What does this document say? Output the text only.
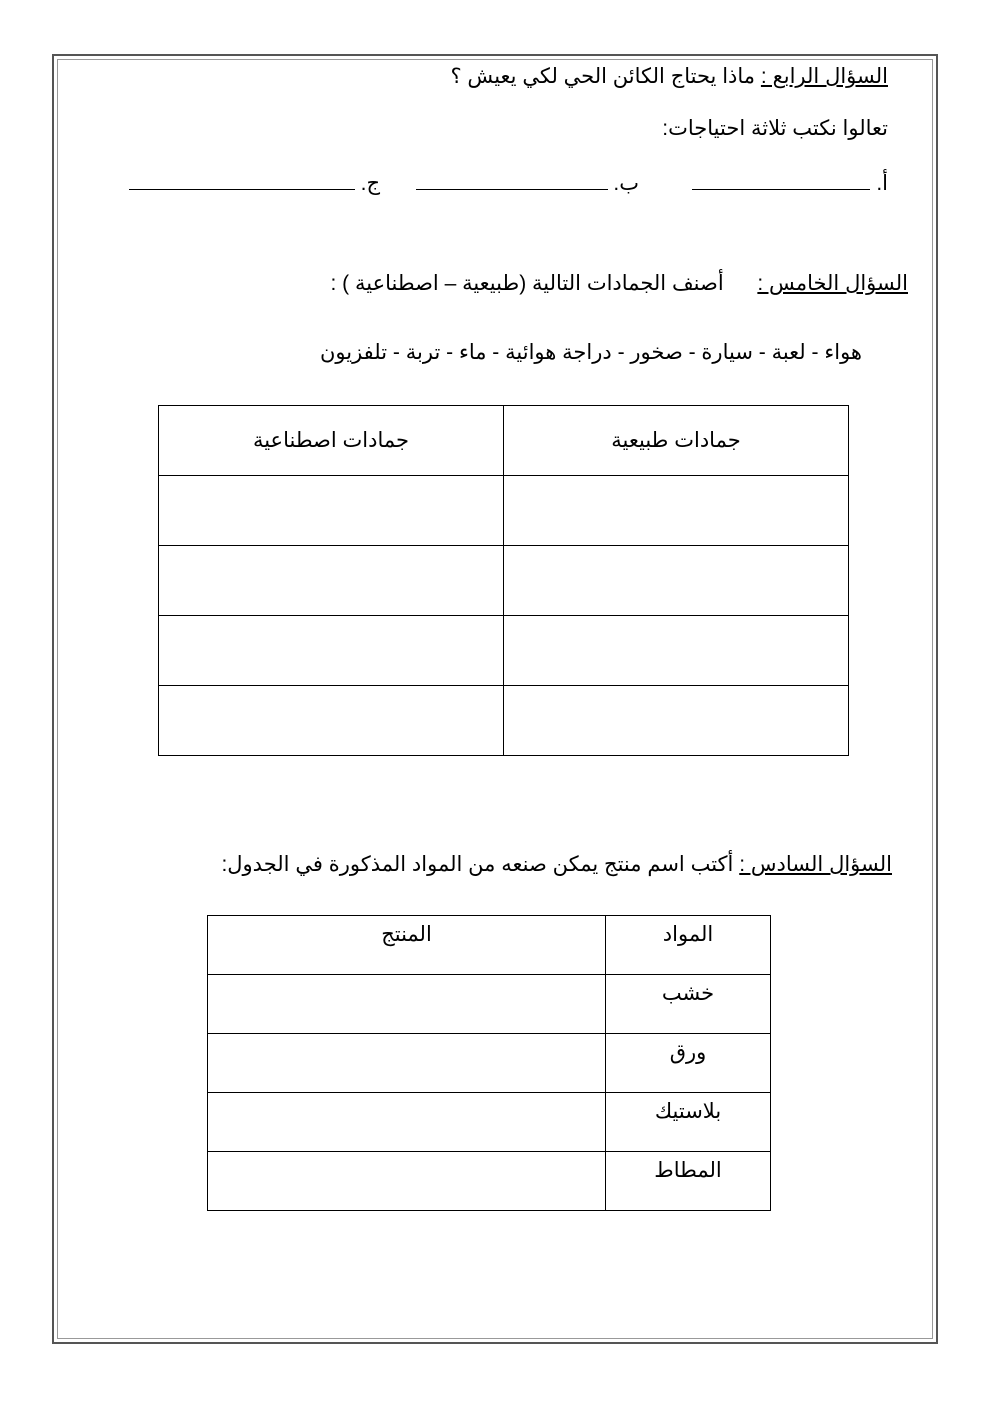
السؤال الرابع : ماذا يحتاج الكائن الحي لكي يعيش ؟
تعالوا نكتب ثلاثة احتياجات:
أ.
ب.
ج.
السؤال الخامس :  أصنف الجمادات التالية (طبيعية – اصطناعية ) :
هواء - لعبة - سيارة - صخور - دراجة هوائية - ماء - تربة - تلفزيون
جمادات طبيعية	جمادات اصطناعية

السؤال السادس : أكتب اسم منتج يمكن صنعه من المواد المذكورة في الجدول:
المواد	المنتج
خشب	
ورق	
بلاستيك	
المطاط	
